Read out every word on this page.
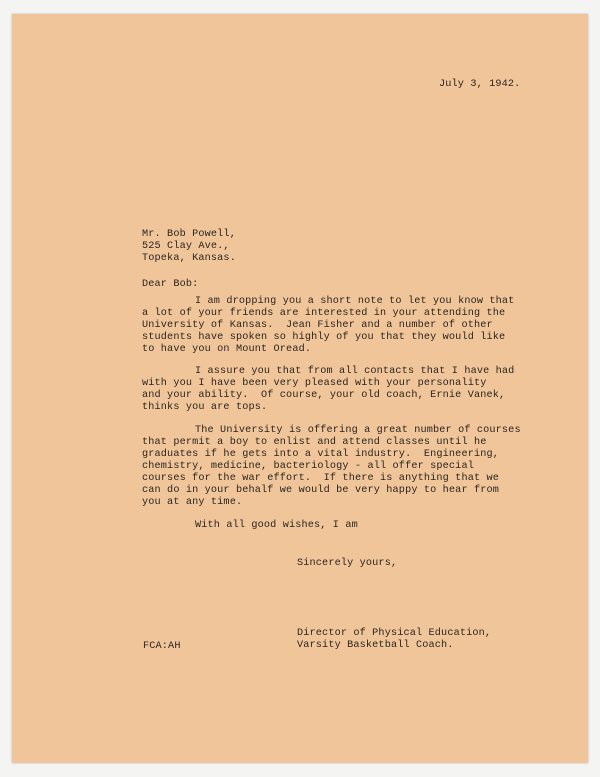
July 3, 1942.
Mr. Bob Powell,
525 Clay Ave.,
Topeka, Kansas.
Dear Bob:
I am dropping you a short note to let you know that
a lot of your friends are interested in your attending the
University of Kansas.  Jean Fisher and a number of other
students have spoken so highly of you that they would like
to have you on Mount Oread.
I assure you that from all contacts that I have had
with you I have been very pleased with your personality
and your ability.  Of course, your old coach, Ernie Vanek,
thinks you are tops.
The University is offering a great number of courses
that permit a boy to enlist and attend classes until he
graduates if he gets into a vital industry.  Engineering,
chemistry, medicine, bacteriology - all offer special
courses for the war effort.  If there is anything that we
can do in your behalf we would be very happy to hear from
you at any time.
With all good wishes, I am
Sincerely yours,
Director of Physical Education,
Varsity Basketball Coach.
FCA:AH
